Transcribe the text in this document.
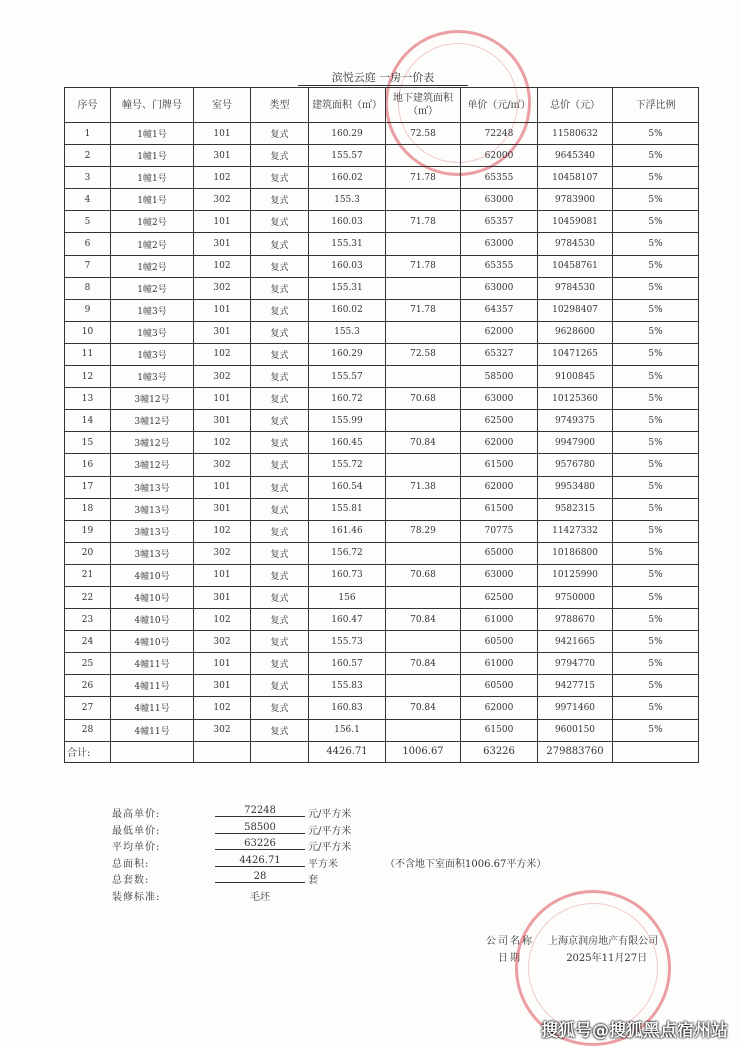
滨悦云庭 一房一价表
序号	幢号、门牌号	室号	类型	建筑面积（㎡）	地下建筑面积（㎡）	单价（元/㎡）	总价（元）	下浮比例
1	1幢1号	101	复式	160.29	72.58	72248	11580632	5%
2	1幢1号	301	复式	155.57		62000	9645340	5%
3	1幢1号	102	复式	160.02	71.78	65355	10458107	5%
4	1幢1号	302	复式	155.3		63000	9783900	5%
5	1幢2号	101	复式	160.03	71.78	65357	10459081	5%
6	1幢2号	301	复式	155.31		63000	9784530	5%
7	1幢2号	102	复式	160.03	71.78	65355	10458761	5%
8	1幢2号	302	复式	155.31		63000	9784530	5%
9	1幢3号	101	复式	160.02	71.78	64357	10298407	5%
10	1幢3号	301	复式	155.3		62000	9628600	5%
11	1幢3号	102	复式	160.29	72.58	65327	10471265	5%
12	1幢3号	302	复式	155.57		58500	9100845	5%
13	3幢12号	101	复式	160.72	70.68	63000	10125360	5%
14	3幢12号	301	复式	155.99		62500	9749375	5%
15	3幢12号	102	复式	160.45	70.84	62000	9947900	5%
16	3幢12号	302	复式	155.72		61500	9576780	5%
17	3幢13号	101	复式	160.54	71.38	62000	9953480	5%
18	3幢13号	301	复式	155.81		61500	9582315	5%
19	3幢13号	102	复式	161.46	78.29	70775	11427332	5%
20	3幢13号	302	复式	156.72		65000	10186800	5%
21	4幢10号	101	复式	160.73	70.68	63000	10125990	5%
22	4幢10号	301	复式	156		62500	9750000	5%
23	4幢10号	102	复式	160.47	70.84	61000	9788670	5%
24	4幢10号	302	复式	155.73		60500	9421665	5%
25	4幢11号	101	复式	160.57	70.84	61000	9794770	5%
26	4幢11号	301	复式	155.83		60500	9427715	5%
27	4幢11号	102	复式	160.83	70.84	62000	9971460	5%
28	4幢11号	302	复式	156.1		61500	9600150	5%
合计:				4426.71	1006.67	63226	279883760	
最高单价:	72248	元/平方米
最低单价:	58500	元/平方米
平均单价:	63226	元/平方米
总面积:	4426.71	平方米	（不含地下室面积1006.67平方米）
总套数:	28	套
装修标准:	毛坯
公司名称 上海京润房地产有限公司
日期	2025年11月27日
搜狐号@搜狐黑点宿州站
